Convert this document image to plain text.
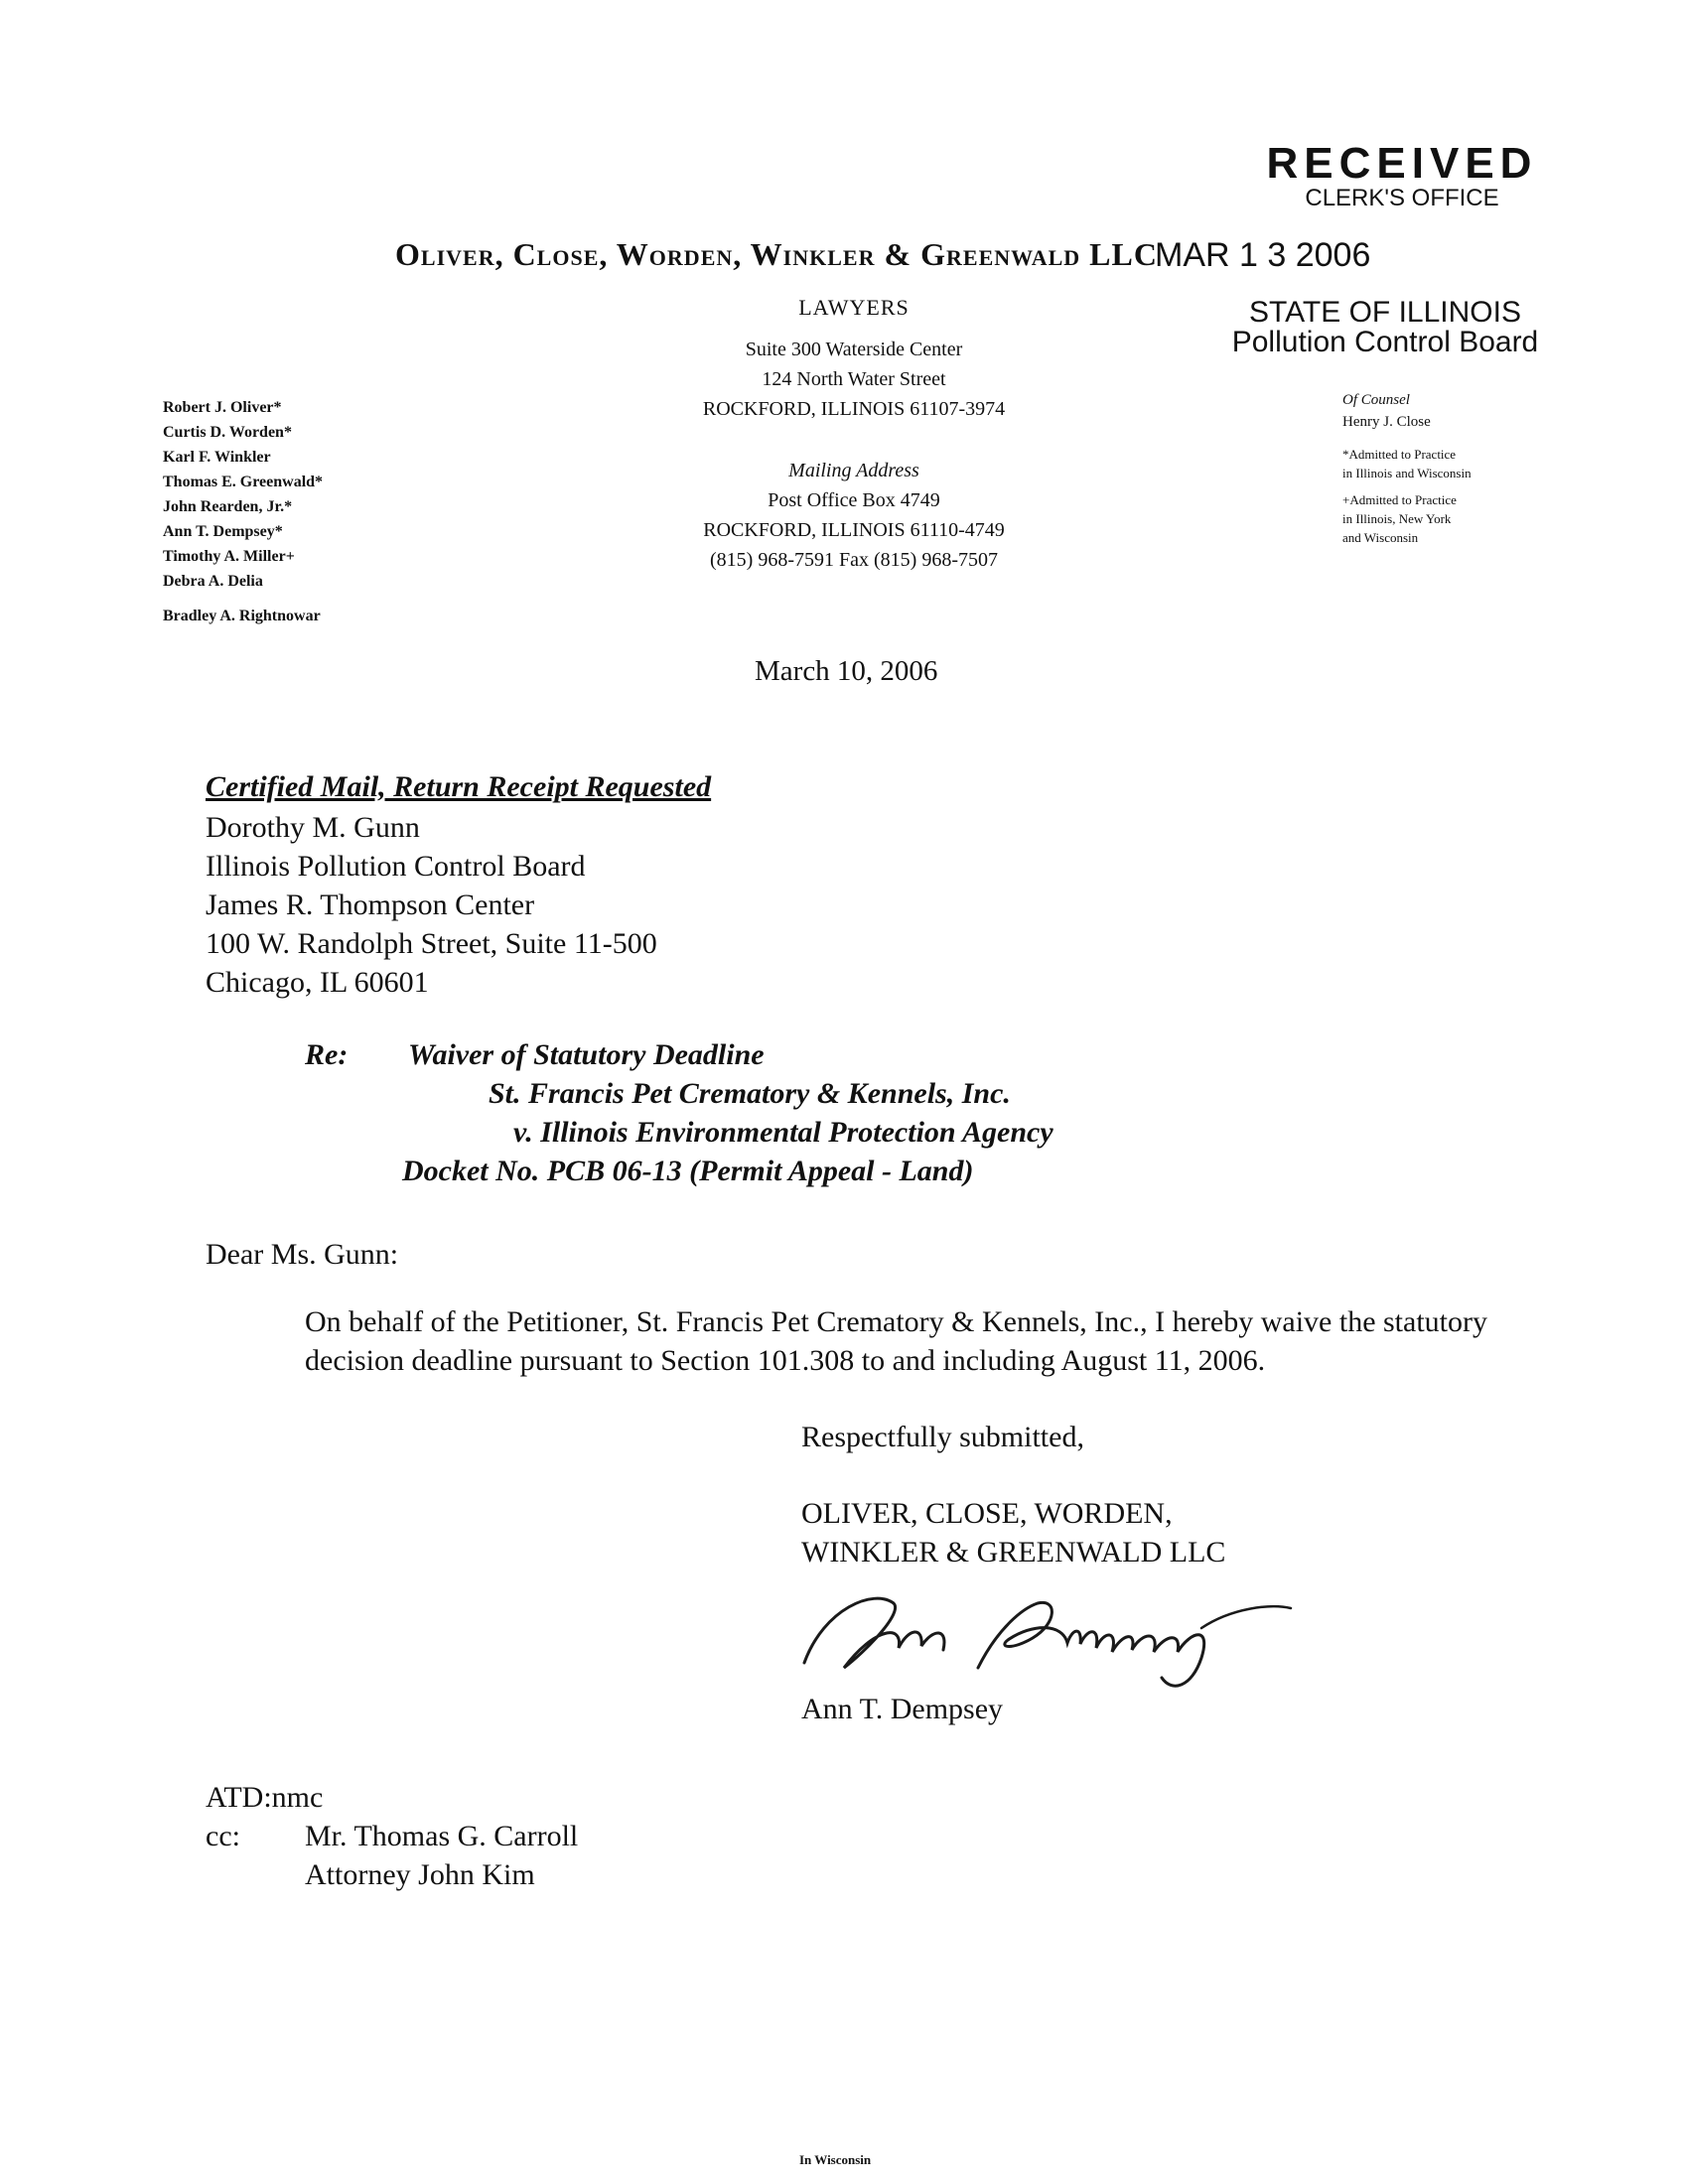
RECEIVED
CLERK'S OFFICE
MAR 1 3 2006
STATE OF ILLINOIS
Pollution Control Board
Oliver, Close, Worden, Winkler & Greenwald LLC
LAWYERS
Suite 300 Waterside Center
124 North Water Street
ROCKFORD, ILLINOIS 61107-3974
Mailing Address
Post Office Box 4749
ROCKFORD, ILLINOIS 61110-4749
(815) 968-7591 Fax (815) 968-7507
Robert J. Oliver*
Curtis D. Worden*
Karl F. Winkler
Thomas E. Greenwald*
John Rearden, Jr.*
Ann T. Dempsey*
Timothy A. Miller+
Debra A. Delia
Bradley A. Rightnowar
Of Counsel
Henry J. Close
*Admitted to Practice
in Illinois and Wisconsin
+Admitted to Practice
in Illinois, New York
and Wisconsin
March 10, 2006
Certified Mail, Return Receipt Requested
Dorothy M. Gunn
Illinois Pollution Control Board
James R. Thompson Center
100 W. Randolph Street, Suite 11-500
Chicago, IL 60601
Re: Waiver of Statutory Deadline
St. Francis Pet Crematory & Kennels, Inc.
v. Illinois Environmental Protection Agency
Docket No. PCB 06-13 (Permit Appeal - Land)
Dear Ms. Gunn:
On behalf of the Petitioner, St. Francis Pet Crematory & Kennels, Inc., I hereby waive the statutory decision deadline pursuant to Section 101.308 to and including August 11, 2006.
Respectfully submitted,
OLIVER, CLOSE, WORDEN,
WINKLER & GREENWALD LLC
Ann T. Dempsey
ATD:nmc
cc: Mr. Thomas G. Carroll
Attorney John Kim
In Wisconsin
